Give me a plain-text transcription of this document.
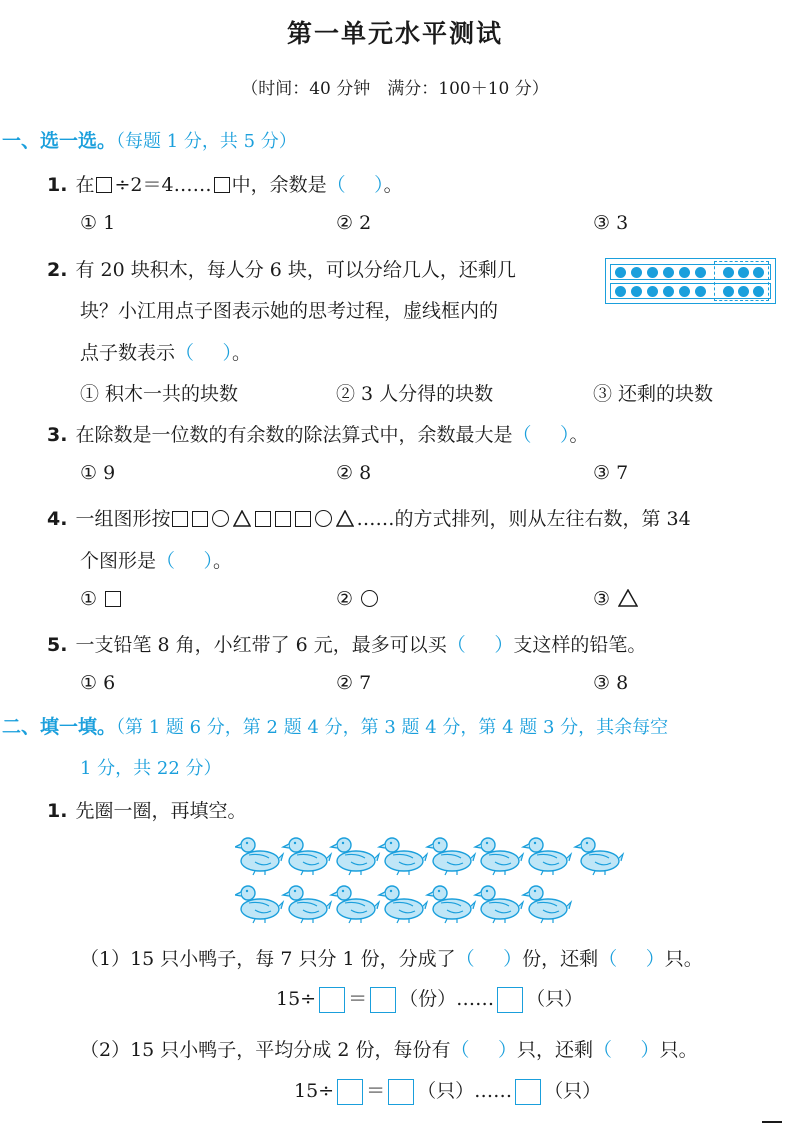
第一单元水平测试
（时间：40 分钟　满分：100＋10 分）
一、选一选。（每题 1 分，共 5 分）
1. 在 ÷2＝4…… 中，余数是（   ）。
① 1	② 2	③ 3
2. 有 20 块积木，每人分 6 块，可以分给几人，还剩几
块？小江用点子图表示她的思考过程，虚线框内的
点子数表示（   ）。
① 积木一共的块数	② 3 人分得的块数	③ 还剩的块数
3. 在除数是一位数的有余数的除法算式中，余数最大是（   ）。
① 9	② 8	③ 7
4. 一组图形按	……的方式排列，则从左往右数，第 34
个图形是（   ）。
①	②	③
5. 一支铅笔 8 角，小红带了 6 元，最多可以买（   ）支这样的铅笔。
① 6	② 7	③ 8
二、填一填。（第 1 题 6 分，第 2 题 4 分，第 3 题 4 分，第 4 题 3 分，其余每空
1 分，共 22 分）
1. 先圈一圈，再填空。
（1）15 只小鸭子，每 7 只分 1 份，分成了（   ）份，还剩（   ）只。
15÷ ＝ （份）…… （只）
（2）15 只小鸭子，平均分成 2 份，每份有（   ）只，还剩（   ）只。
15÷ ＝ （只）…… （只）
